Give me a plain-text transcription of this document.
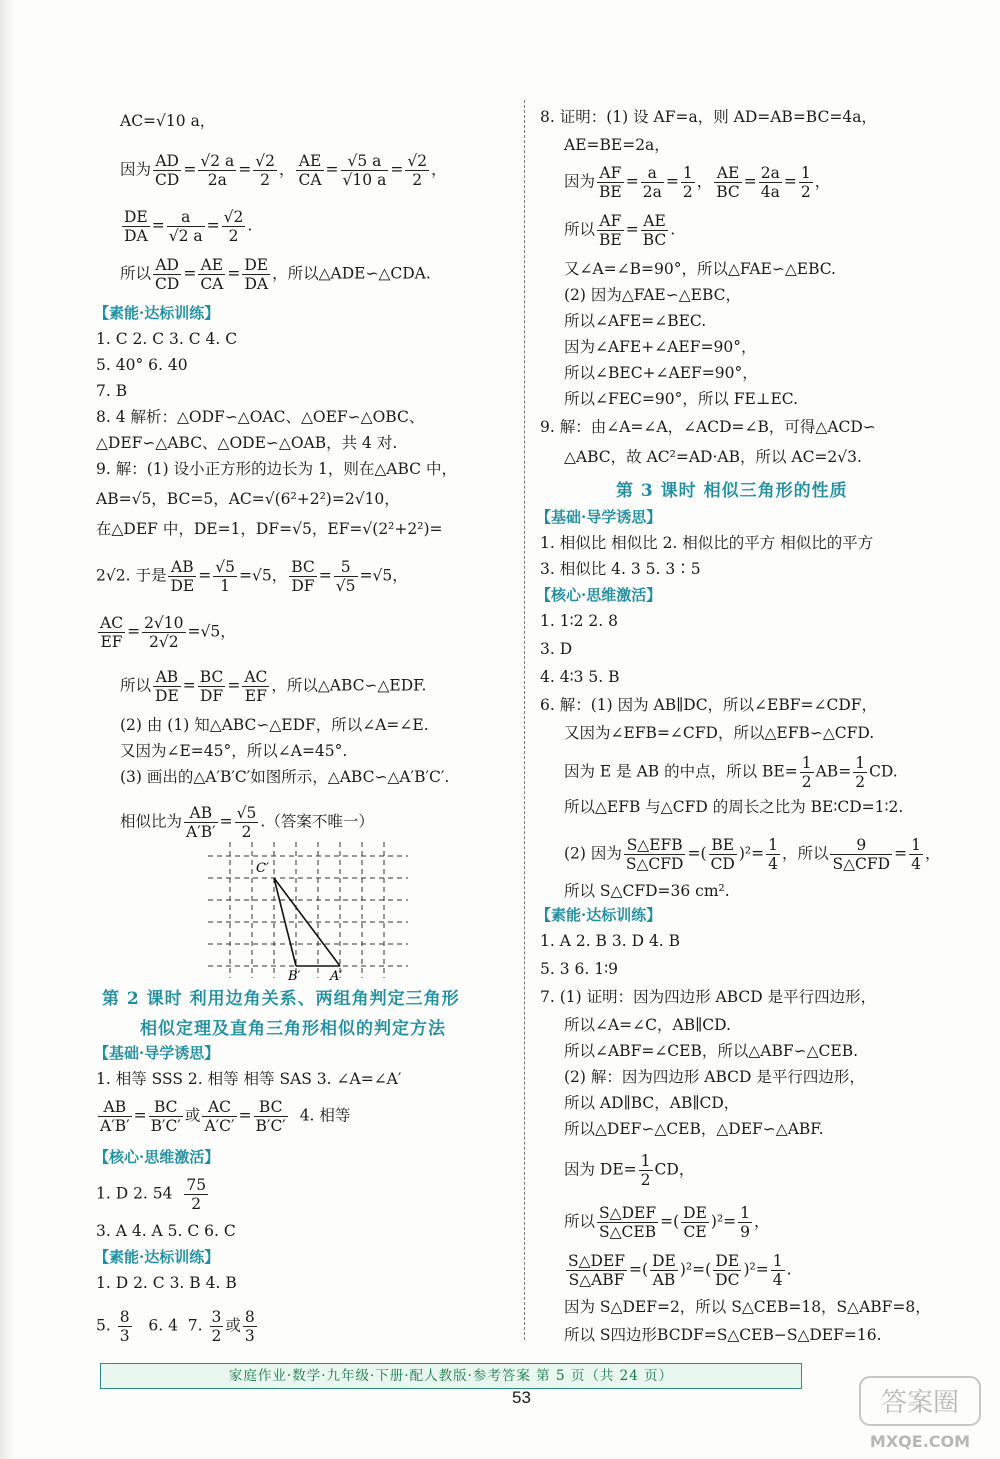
AC=√10 a，
因为 $\frac{AD}{CD} = \frac{√2 a}{2a} = \frac{√2}{2}$ ， $\frac{AE}{CA} = \frac{√5 a}{√10 a} = \frac{√2}{2}$ ，
$\frac{DE}{DA} = \frac{a}{√2 a} = \frac{√2}{2}$ .
所以 $\frac{AD}{CD} = \frac{AE}{CA} = \frac{DE}{DA}$ ，所以△ADE∽△CDA.
【素能·达标训练】
1. C 2. C 3. C 4. C
5. 40° 6. 40
7. B
8. 4 解析：△ODF∽△OAC、△OEF∽△OBC、
△DEF∽△ABC、△ODE∽△OAB，共 4 对.
9. 解：(1) 设小正方形的边长为 1，则在△ABC 中，
AB=√5，BC=5，AC=√(6²+2²)=2√10，
在△DEF 中，DE=1，DF=√5，EF=√(2²+2²)=
2√2. 于是 $\frac{AB}{DE} = \frac{√5}{1} =√5$， $\frac{BC}{DF} = \frac{5}{√5} =√5$，
$\frac{AC}{EF} = \frac{2√10}{2√2} =√5$，
所以 $\frac{AB}{DE} = \frac{BC}{DF} = \frac{AC}{EF}$ ，所以△ABC∽△EDF.
(2) 由 (1) 知△ABC∽△EDF，所以∠A=∠E.
又因为∠E=45°，所以∠A=45°.
(3) 画出的△A′B′C′如图所示，△ABC∽△A′B′C′.
相似比为 $\frac{AB}{A'B'} = \frac{√5}{2}$ .（答案不唯一）
第 2 课时 利用边角关系、两组角判定三角形
相似定理及直角三角形相似的判定方法
【基础·导学诱思】
1. 相等 SSS 2. 相等 相等 SAS 3. ∠A=∠A′
$\frac{AB}{A'B'} = \frac{BC}{B'C'}$ 或 $\frac{AC}{A'C'} = \frac{BC}{B'C'} 4$. 相等
【核心·思维激活】
1. D 2. $54 \frac{75}{2}$
3. A 4. A 5. C 6. C
【素能·达标训练】
1. D 2. C 3. B 4. B
5. $\frac{8}{3} 6$. 4  7. $\frac{3}{2}$ 或 $\frac{8}{3}$
C′
B′ A′
8. 证明：(1) 设 AF=a，则 AD=AB=BC=4a，
AE=BE=2a，
因为 $\frac{AF}{BE} = \frac{a}{2a} = \frac{1}{2}$ ， $\frac{AE}{BC} = \frac{2a}{4a} = \frac{1}{2}$ ，
所以 $\frac{AF}{BE} = \frac{AE}{BC}$ .
又∠A=∠B=90°，所以△FAE∽△EBC.
(2) 因为△FAE∽△EBC，
所以∠AFE=∠BEC.
因为∠AFE+∠AEF=90°，
所以∠BEC+∠AEF=90°，
所以∠FEC=90°，所以 FE⊥EC.
9. 解：由∠A=∠A，∠ACD=∠B，可得△ACD∽
△ABC，故 AC²=AD·AB，所以 AC=2√3.
第 3 课时 相似三角形的性质
【基础·导学诱思】
1. 相似比 相似比 2. 相似比的平方 相似比的平方
3. 相似比 4. 3 5. 3∶5
【核心·思维激活】
1. 1∶2 2. 8
3. D
4. 4∶3 5. B
6. 解：(1) 因为 AB∥DC，所以∠EBF=∠CDF，
又因为∠EFB=∠CFD，所以△EFB∽△CFD.
因为 E 是 AB 的中点，所以 $BE= \frac{1}{2} AB= \frac{1}{2}$ CD.
所以△EFB 与△CFD 的周长之比为 BE∶CD=1∶2.
(2) 因为 $\frac{\text{S△EFB}}{\text{S△CFD}}$ =( $\frac{BE}{CD} )^2= \frac{1}{4}$ ，所以 $\frac{9}{\text{S△CFD}} = \frac{1}{4}$ ，
所以 S△CFD=36 cm².
【素能·达标训练】
1. A 2. B 3. D 4. B
5. 3 6. 1∶9
7. (1) 证明：因为四边形 ABCD 是平行四边形，
所以∠A=∠C，AB∥CD.
所以∠ABF=∠CEB，所以△ABF∽△CEB.
(2) 解：因为四边形 ABCD 是平行四边形，
所以 AD∥BC，AB∥CD，
所以△DEF∽△CEB，△DEF∽△ABF.
因为 $DE= \frac{1}{2}$ CD，
所以 $\frac{\text{S△DEF}}{\text{S△CEB}}$ =( $\frac{DE}{CE} )^2= \frac{1}{9}$ ，
$\frac{\text{S△DEF}}{\text{S△ABF}}$ =( $\frac{DE}{AB} )^2=( \frac{DE}{DC} )^2= \frac{1}{4}$ .
因为 S△DEF=2，所以 S△CEB=18，S△ABF=8，
所以 S四边形BCDF=S△CEB−S△DEF=16.
家庭作业·数学·九年级·下册·配人教版·参考答案 第 5 页（共 24 页）
53	答案圈
MXQE.COM
